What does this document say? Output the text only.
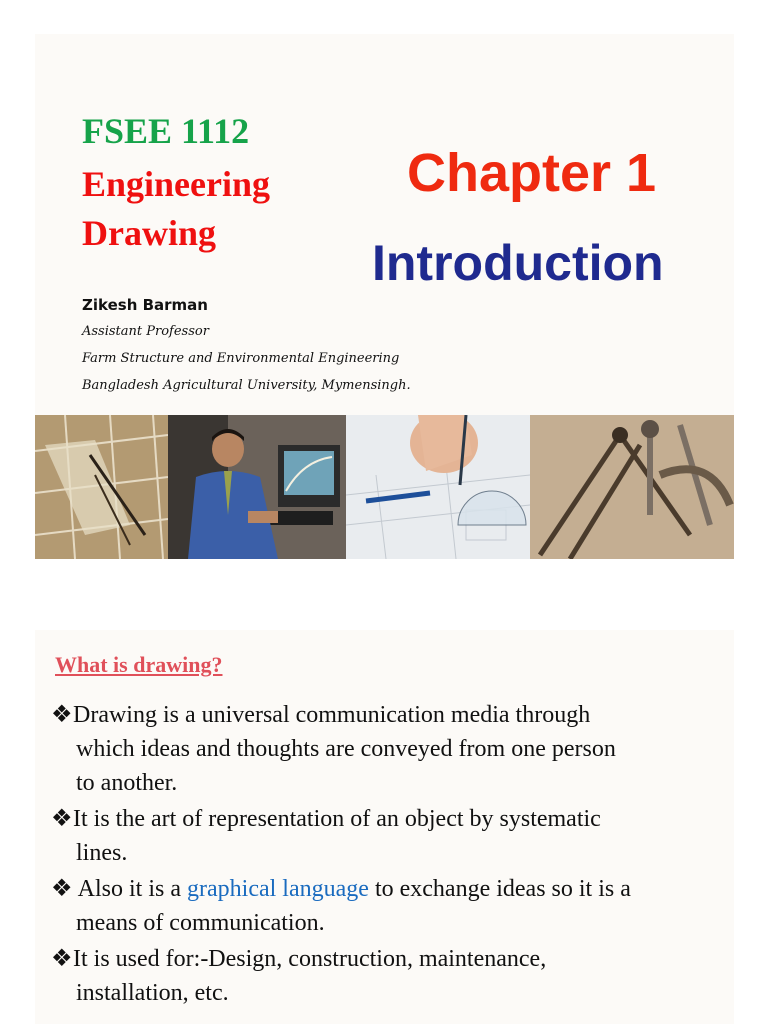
FSEE 1112
Engineering
Drawing
Chapter 1
Introduction
Zikesh Barman
Assistant Professor
Farm Structure and Environmental Engineering
Bangladesh Agricultural University, Mymensingh.
What is drawing?
❖Drawing is a universal communication media through
which ideas and thoughts are conveyed from one person
to another.
❖It is the art of representation of an object by systematic
lines.
❖ Also it is a graphical language to exchange ideas so it is a
means of communication.
❖It is used for:-Design, construction, maintenance,
installation, etc.
